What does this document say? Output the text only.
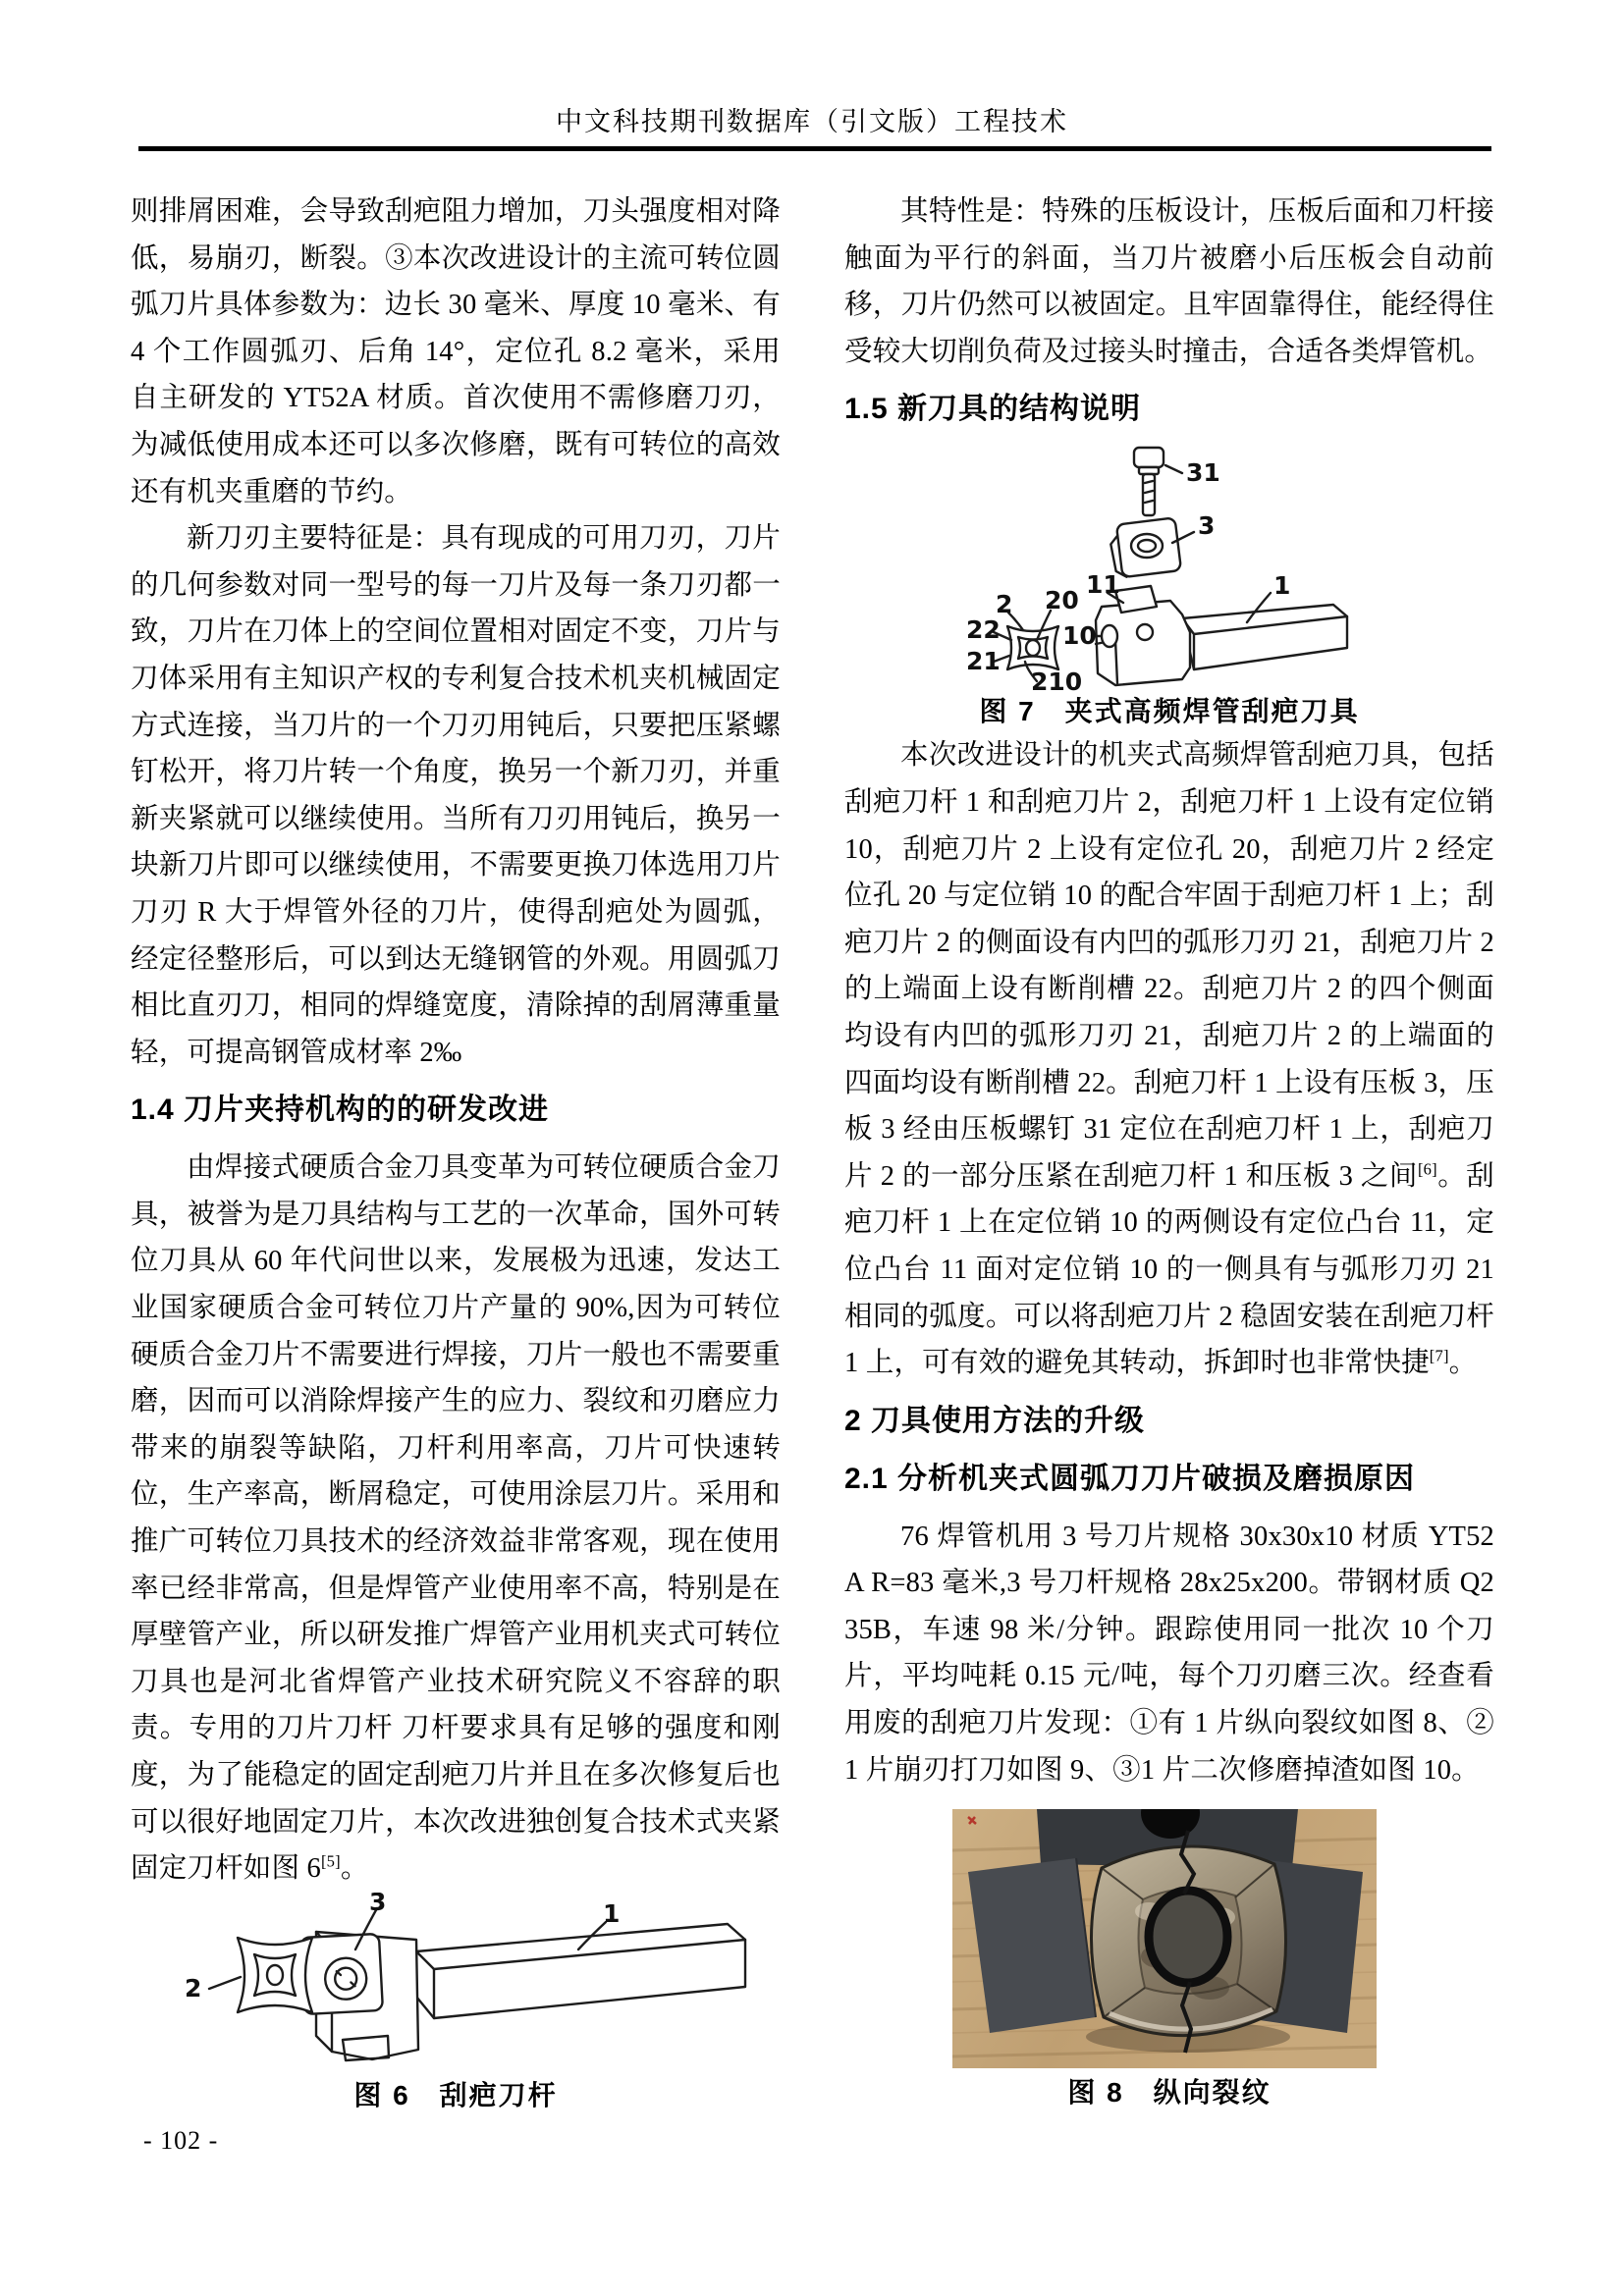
中文科技期刊数据库（引文版）工程技术

则排屑困难，会导致刮疤阻力增加，刀头强度相对降低，易崩刃，断裂。③本次改进设计的主流可转位圆弧刀片具体参数为：边长 30 毫米、厚度 10 毫米、有 4 个工作圆弧刃、后角 14°，定位孔 8.2 毫米，采用自主研发的 YT52A 材质。首次使用不需修磨刀刃，为减低使用成本还可以多次修磨，既有可转位的高效还有机夹重磨的节约。

新刀刃主要特征是：具有现成的可用刀刃，刀片的几何参数对同一型号的每一刀片及每一条刀刃都一致，刀片在刀体上的空间位置相对固定不变，刀片与刀体采用有主知识产权的专利复合技术机夹机械固定方式连接，当刀片的一个刀刃用钝后，只要把压紧螺钉松开，将刀片转一个角度，换另一个新刀刃，并重新夹紧就可以继续使用。当所有刀刃用钝后，换另一块新刀片即可以继续使用，不需要更换刀体选用刀片刀刃 R 大于焊管外径的刀片，使得刮疤处为圆弧，经定径整形后，可以到达无缝钢管的外观。用圆弧刀相比直刃刀，相同的焊缝宽度，清除掉的刮屑薄重量轻，可提高钢管成材率 2‰

1.4 刀片夹持机构的的研发改进

由焊接式硬质合金刀具变革为可转位硬质合金刀具，被誉为是刀具结构与工艺的一次革命，国外可转位刀具从 60 年代问世以来，发展极为迅速，发达工业国家硬质合金可转位刀片产量的 90%,因为可转位硬质合金刀片不需要进行焊接，刀片一般也不需要重磨，因而可以消除焊接产生的应力、裂纹和刃磨应力带来的崩裂等缺陷，刀杆利用率高，刀片可快速转位，生产率高，断屑稳定，可使用涂层刀片。采用和推广可转位刀具技术的经济效益非常客观，现在使用率已经非常高，但是焊管产业使用率不高，特别是在厚壁管产业，所以研发推广焊管产业用机夹式可转位刀具也是河北省焊管产业技术研究院义不容辞的职责。专用的刀片刀杆 刀杆要求具有足够的强度和刚度，为了能稳定的固定刮疤刀片并且在多次修复后也可以很好地固定刀片，本次改进独创复合技术式夹紧固定刀杆如图 6[5]。

3	1
2
图 6　刮疤刀杆

其特性是：特殊的压板设计，压板后面和刀杆接触面为平行的斜面，当刀片被磨小后压板会自动前移，刀片仍然可以被固定。且牢固靠得住，能经得住受较大切削负荷及过接头时撞击，合适各类焊管机。

1.5 新刀具的结构说明
31
3
11
10
1
2 20
22
21
210
图 7　夹式高频焊管刮疤刀具

本次改进设计的机夹式高频焊管刮疤刀具，包括刮疤刀杆 1 和刮疤刀片 2，刮疤刀杆 1 上设有定位销 10，刮疤刀片 2 上设有定位孔 20，刮疤刀片 2 经定位孔 20 与定位销 10 的配合牢固于刮疤刀杆 1 上；刮疤刀片 2 的侧面设有内凹的弧形刀刃 21，刮疤刀片 2 的上端面上设有断削槽 22。刮疤刀片 2 的四个侧面均设有内凹的弧形刀刃 21，刮疤刀片 2 的上端面的四面均设有断削槽 22。刮疤刀杆 1 上设有压板 3，压板 3 经由压板螺钉 31 定位在刮疤刀杆 1 上，刮疤刀片 2 的一部分压紧在刮疤刀杆 1 和压板 3 之间[6]。刮疤刀杆 1 上在定位销 10 的两侧设有定位凸台 11，定位凸台 11 面对定位销 10 的一侧具有与弧形刀刃 21 相同的弧度。可以将刮疤刀片 2 稳固安装在刮疤刀杆 1 上，可有效的避免其转动，拆卸时也非常快捷[7]。

2 刀具使用方法的升级
2.1 分析机夹式圆弧刀刀片破损及磨损原因

76 焊管机用 3 号刀片规格 30x30x10 材质 YT52A R=83 毫米,3 号刀杆规格 28x25x200。带钢材质 Q235B，车速 98 米/分钟。跟踪使用同一批次 10 个刀片，平均吨耗 0.15 元/吨，每个刀刃磨三次。经查看用废的刮疤刀片发现：①有 1 片纵向裂纹如图 8、②1 片崩刃打刀如图 9、③1 片二次修磨掉渣如图 10。

图 8　纵向裂纹
- 102 -
